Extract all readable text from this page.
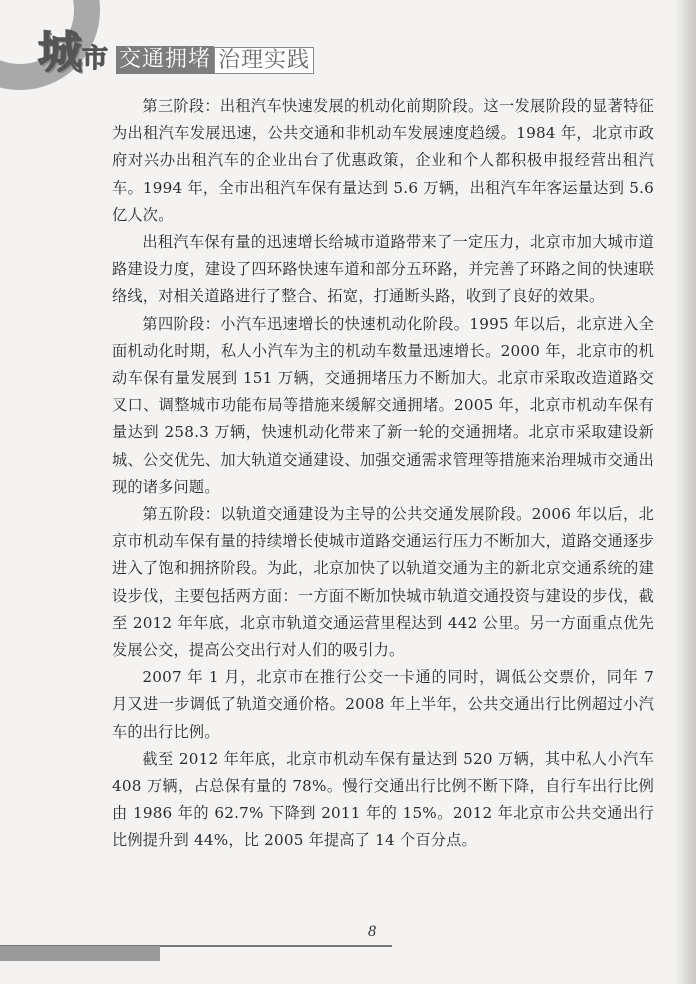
城 市 交通拥堵 治理实践

第三阶段：出租汽车快速发展的机动化前期阶段。这一发展阶段的显著特征为出租汽车发展迅速，公共交通和非机动车发展速度趋缓。1984 年，北京市政府对兴办出租汽车的企业出台了优惠政策，企业和个人都积极申报经营出租汽车。1994 年，全市出租汽车保有量达到 5.6 万辆，出租汽车年客运量达到 5.6 亿人次。

出租汽车保有量的迅速增长给城市道路带来了一定压力，北京市加大城市道路建设力度，建设了四环路快速车道和部分五环路，并完善了环路之间的快速联络线，对相关道路进行了整合、拓宽，打通断头路，收到了良好的效果。

第四阶段：小汽车迅速增长的快速机动化阶段。1995 年以后，北京进入全面机动化时期，私人小汽车为主的机动车数量迅速增长。2000 年，北京市的机动车保有量发展到 151 万辆，交通拥堵压力不断加大。北京市采取改造道路交叉口、调整城市功能布局等措施来缓解交通拥堵。2005 年，北京市机动车保有量达到 258.3 万辆，快速机动化带来了新一轮的交通拥堵。北京市采取建设新城、公交优先、加大轨道交通建设、加强交通需求管理等措施来治理城市交通出现的诸多问题。

第五阶段：以轨道交通建设为主导的公共交通发展阶段。2006 年以后，北京市机动车保有量的持续增长使城市道路交通运行压力不断加大，道路交通逐步进入了饱和拥挤阶段。为此，北京加快了以轨道交通为主的新北京交通系统的建设步伐，主要包括两方面：一方面不断加快城市轨道交通投资与建设的步伐，截至 2012 年年底，北京市轨道交通运营里程达到 442 公里。另一方面重点优先发展公交，提高公交出行对人们的吸引力。

2007 年 1 月，北京市在推行公交一卡通的同时，调低公交票价，同年 7 月又进一步调低了轨道交通价格。2008 年上半年，公共交通出行比例超过小汽车的出行比例。

截至 2012 年年底，北京市机动车保有量达到 520 万辆，其中私人小汽车 408 万辆，占总保有量的 78%。慢行交通出行比例不断下降，自行车出行比例由 1986 年的 62.7% 下降到 2011 年的 15%。2012 年北京市公共交通出行比例提升到 44%，比 2005 年提高了 14 个百分点。

8
